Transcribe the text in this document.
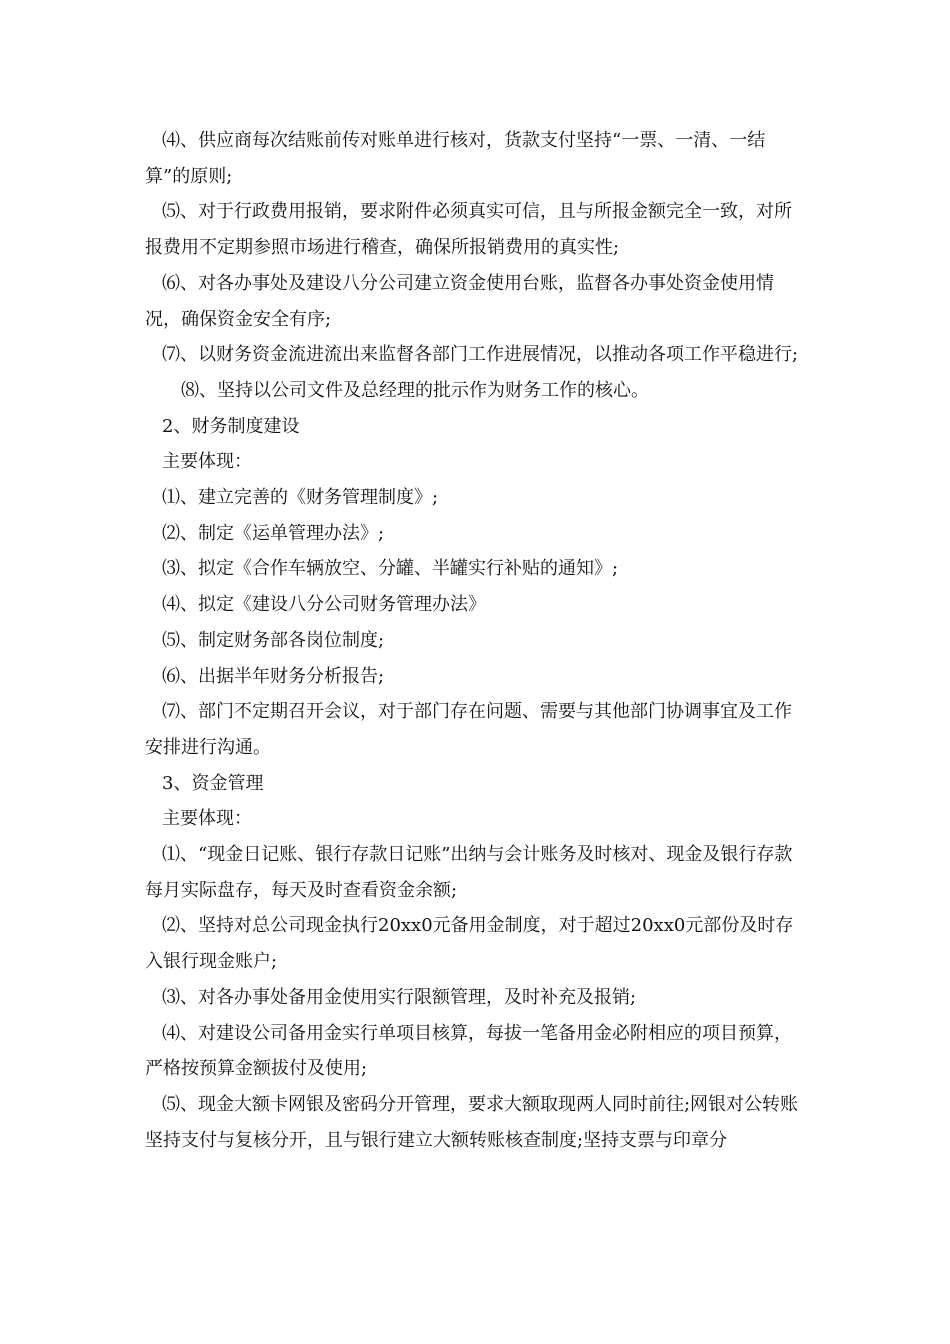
⑷、供应商每次结账前传对账单进行核对，货款支付坚持“一票、一清、一结算”的原则;

⑸、对于行政费用报销，要求附件必须真实可信，且与所报金额完全一致，对所报费用不定期参照市场进行稽查，确保所报销费用的真实性;

⑹、对各办事处及建设八分公司建立资金使用台账，监督各办事处资金使用情况，确保资金安全有序;

⑺、以财务资金流进流出来监督各部门工作进展情况，以推动各项工作平稳进行;

⑻、坚持以公司文件及总经理的批示作为财务工作的核心。

2、财务制度建设

主要体现：

⑴、建立完善的《财务管理制度》;

⑵、制定《运单管理办法》;

⑶、拟定《合作车辆放空、分罐、半罐实行补贴的通知》;

⑷、拟定《建设八分公司财务管理办法》

⑸、制定财务部各岗位制度;

⑹、出据半年财务分析报告;

⑺、部门不定期召开会议，对于部门存在问题、需要与其他部门协调事宜及工作安排进行沟通。

3、资金管理

主要体现：

⑴、“现金日记账、银行存款日记账”出纳与会计账务及时核对、现金及银行存款每月实际盘存，每天及时查看资金余额;

⑵、坚持对总公司现金执行20xx0元备用金制度，对于超过20xx0元部份及时存入银行现金账户;

⑶、对各办事处备用金使用实行限额管理，及时补充及报销;

⑷、对建设公司备用金实行单项目核算，每拔一笔备用金必附相应的项目预算，严格按预算金额拔付及使用;

⑸、现金大额卡网银及密码分开管理，要求大额取现两人同时前往;网银对公转账坚持支付与复核分开，且与银行建立大额转账核查制度;坚持支票与印章分
